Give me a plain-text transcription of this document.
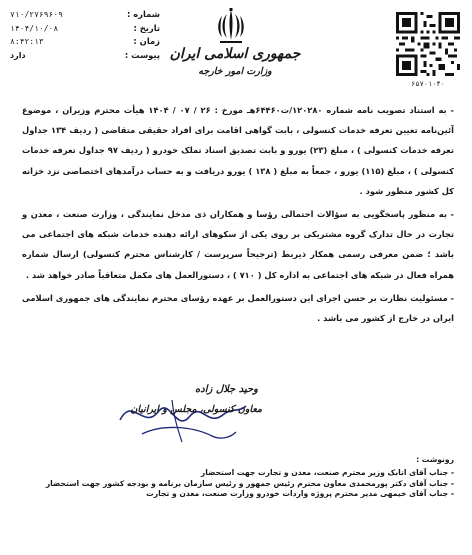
شماره :
۷۱۰/۲۷۶۹۶۰۹
تاریخ :
۱۴۰۴/۱۰/۰۸
زمان :
۸:۴۲:۱۳
پیوست :
دارد	جمهوری اسلامی ایران
وزارت امور خارجه
۶۵۷۰۱۰۴۰

- به استناد تصویب نامه شماره ۱۲۰۲۸۰/ت۶۴۴۶۰هـ مورخ : ۲۶ / ۰۷ / ۱۴۰۴ هیأت محترم وزیران ، موضوع آئین‌نامه تعیین تعرفه خدمات کنسولی ، بابت گواهی اقامت برای افراد حقیقی متقاضی ( ردیف ۱۳۴ جداول تعرفه خدمات کنسولی ) ، مبلغ (۲۳) یورو و بابت تصدیق اسناد تملک خودرو ( ردیف ۹۷ جداول تعرفه خدمات کنسولی ) ، مبلغ (۱۱۵) یورو ، جمعاً به مبلغ ( ۱۳۸ ) یورو دریافت و به حساب درآمدهای اختصاصی نزد خزانه کل کشور منظور شود .

- به منظور پاسخگویی به سؤالات احتمالی رؤسا و همکاران ذی مدخل نمایندگی ، وزارت صنعت ، معدن و تجارت در حال تدارک گروه مشتریکی بر روی یکی از سکوهای ارائه دهنده خدمات شبکه های اجتماعی می باشد ؛ ضمن معرفی رسمی همکار ذیربط (ترجیحاً سرپرست / کارشناس محترم کنسولی) ارسال شماره همراه فعال در شبکه های اجتماعی به اداره کل ( ۷۱۰ ) ، دستورالعمل های مکمل متعاقباً صادر خواهد شد .

- مسئولیت نظارت بر حسن اجرای این دستورالعمل بر عهده رؤسای محترم نمایندگی های جمهوری اسلامی ایران در خارج از کشور می باشد .

وحید جلال زاده
معاون کنسولی، مجلس و ایرانیان
رونوشت :
- جناب آقای اتابک وزیر محترم صنعت، معدن و تجارت جهت استحضار
- جناب آقای دکتر پورمحمدی معاون محترم رئیس جمهور و رئیس سازمان برنامه و بودجه کشور جهت استحضار
- جناب آقای خیمهی مدیر محترم پروژه واردات خودرو وزارت صنعت، معدن و تجارت
